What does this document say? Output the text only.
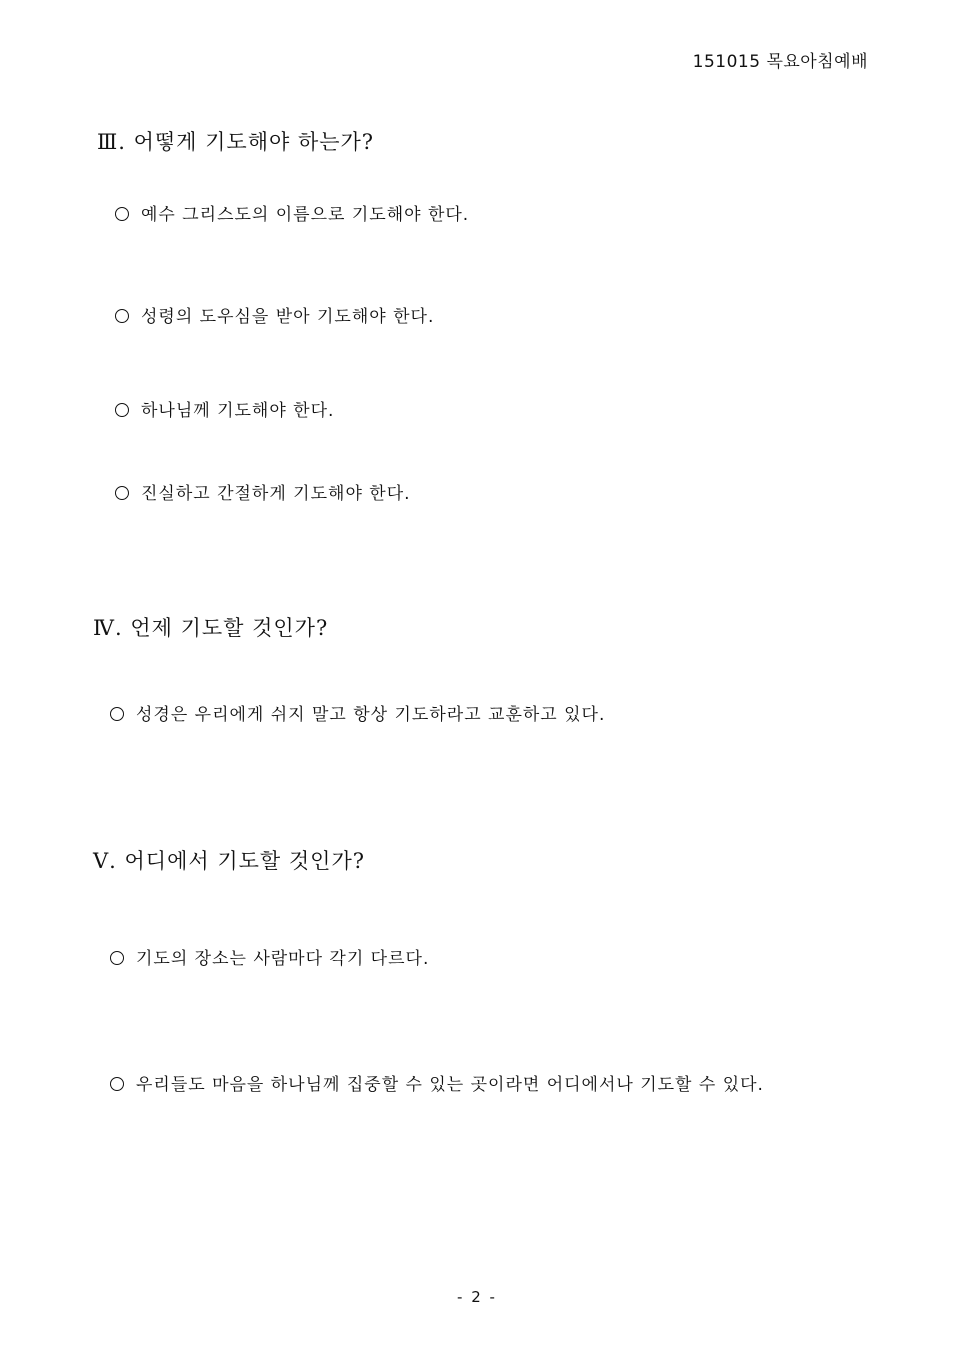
151015 목요아침예배
Ⅲ. 어떻게 기도해야 하는가?
예수 그리스도의 이름으로 기도해야 한다.
성령의 도우심을 받아 기도해야 한다.
하나님께 기도해야 한다.
진실하고 간절하게 기도해야 한다.
Ⅳ. 언제 기도할 것인가?
성경은 우리에게 쉬지 말고 항상 기도하라고 교훈하고 있다.
Ⅴ. 어디에서 기도할 것인가?
기도의 장소는 사람마다 각기 다르다.
우리들도 마음을 하나님께 집중할 수 있는 곳이라면 어디에서나 기도할 수 있다.
- 2 -
